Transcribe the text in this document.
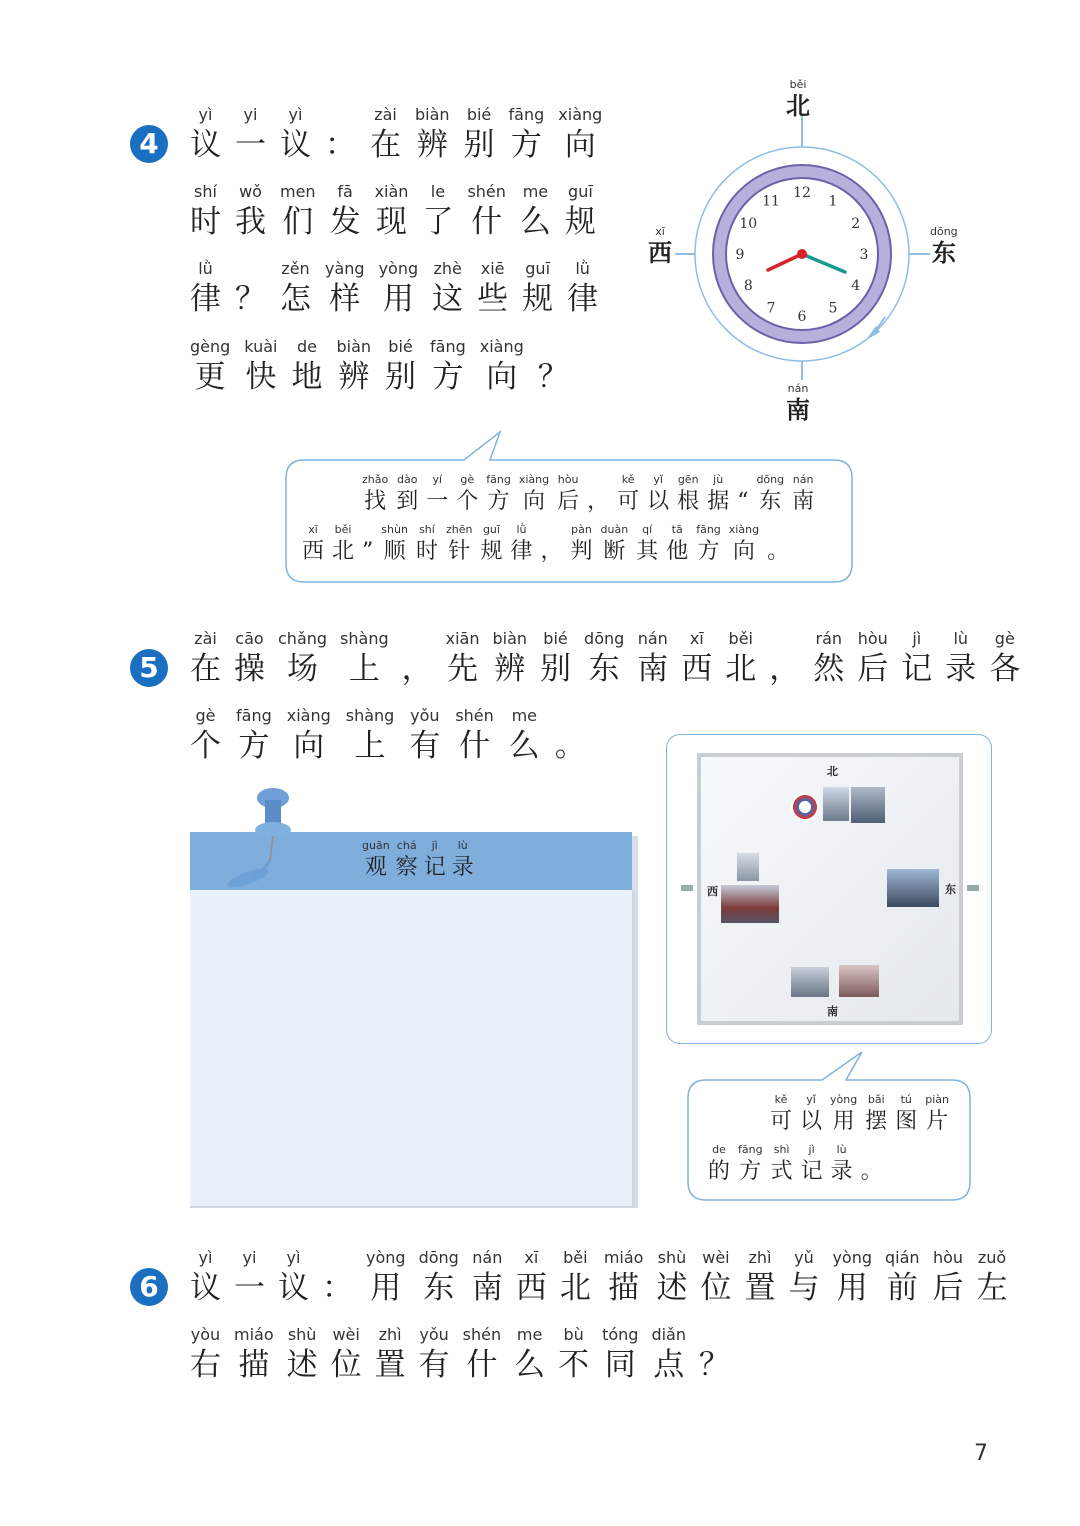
4
yì
议
yi
一
yì
议 ：
zài
在
biàn
辨
bié
别
fāng
方
xiàng
向
shí
时
wǒ
我
men
们
fā
发
xiàn
现
le
了
shén
什
me
么
guī
规
lǜ
律 ？
zěn
怎
yàng
样
yòng
用
zhè
这
xiē
些
guī
规
lǜ
律
gèng
更
kuài
快
de
地
biàn
辨
bié
别
fāng
方
xiàng
向 ？
12
1
2
3
4
5
6
7
8
9
10
11
běi
北
nán
南
xī
西
dōng
东
zhǎo
找
dào
到
yí
一
gè
个
fāng
方
xiàng
向
hòu
后 ，
kě
可
yǐ
以
gēn
根
jù
据 “
dōng
东
nán
南
xī
西
běi
北 ”
shùn
顺
shí
时
zhēn
针
guī
规
lǜ
律 ，
pàn
判
duàn
断
qí
其
tā
他
fāng
方
xiàng
向 。
5
zài
在
cāo
操
chǎng
场
shàng
上 ，
xiān
先
biàn
辨
bié
别
dōng
东
nán
南
xī
西
běi
北 ，
rán
然
hòu
后
jì
记
lù
录
gè
各
gè
个
fāng
方
xiàng
向
shàng
上
yǒu
有
shén
什
me
么 。
guān
观
chá
察
jì
记
lù
录
北
南
西	东
kě
可
yǐ
以
yòng
用
bǎi
摆
tú
图
piàn
片
de
的
fāng
方
shì
式
jì
记
lù
录 。
6
yì
议
yi
一
yì
议 ：
yòng
用
dōng
东
nán
南
xī
西
běi
北
miáo
描
shù
述
wèi
位
zhì
置
yǔ
与
yòng
用
qián
前
hòu
后
zuǒ
左
yòu
右
miáo
描
shù
述
wèi
位
zhì
置
yǒu
有
shén
什
me
么
bù
不
tóng
同
diǎn
点 ？
7
